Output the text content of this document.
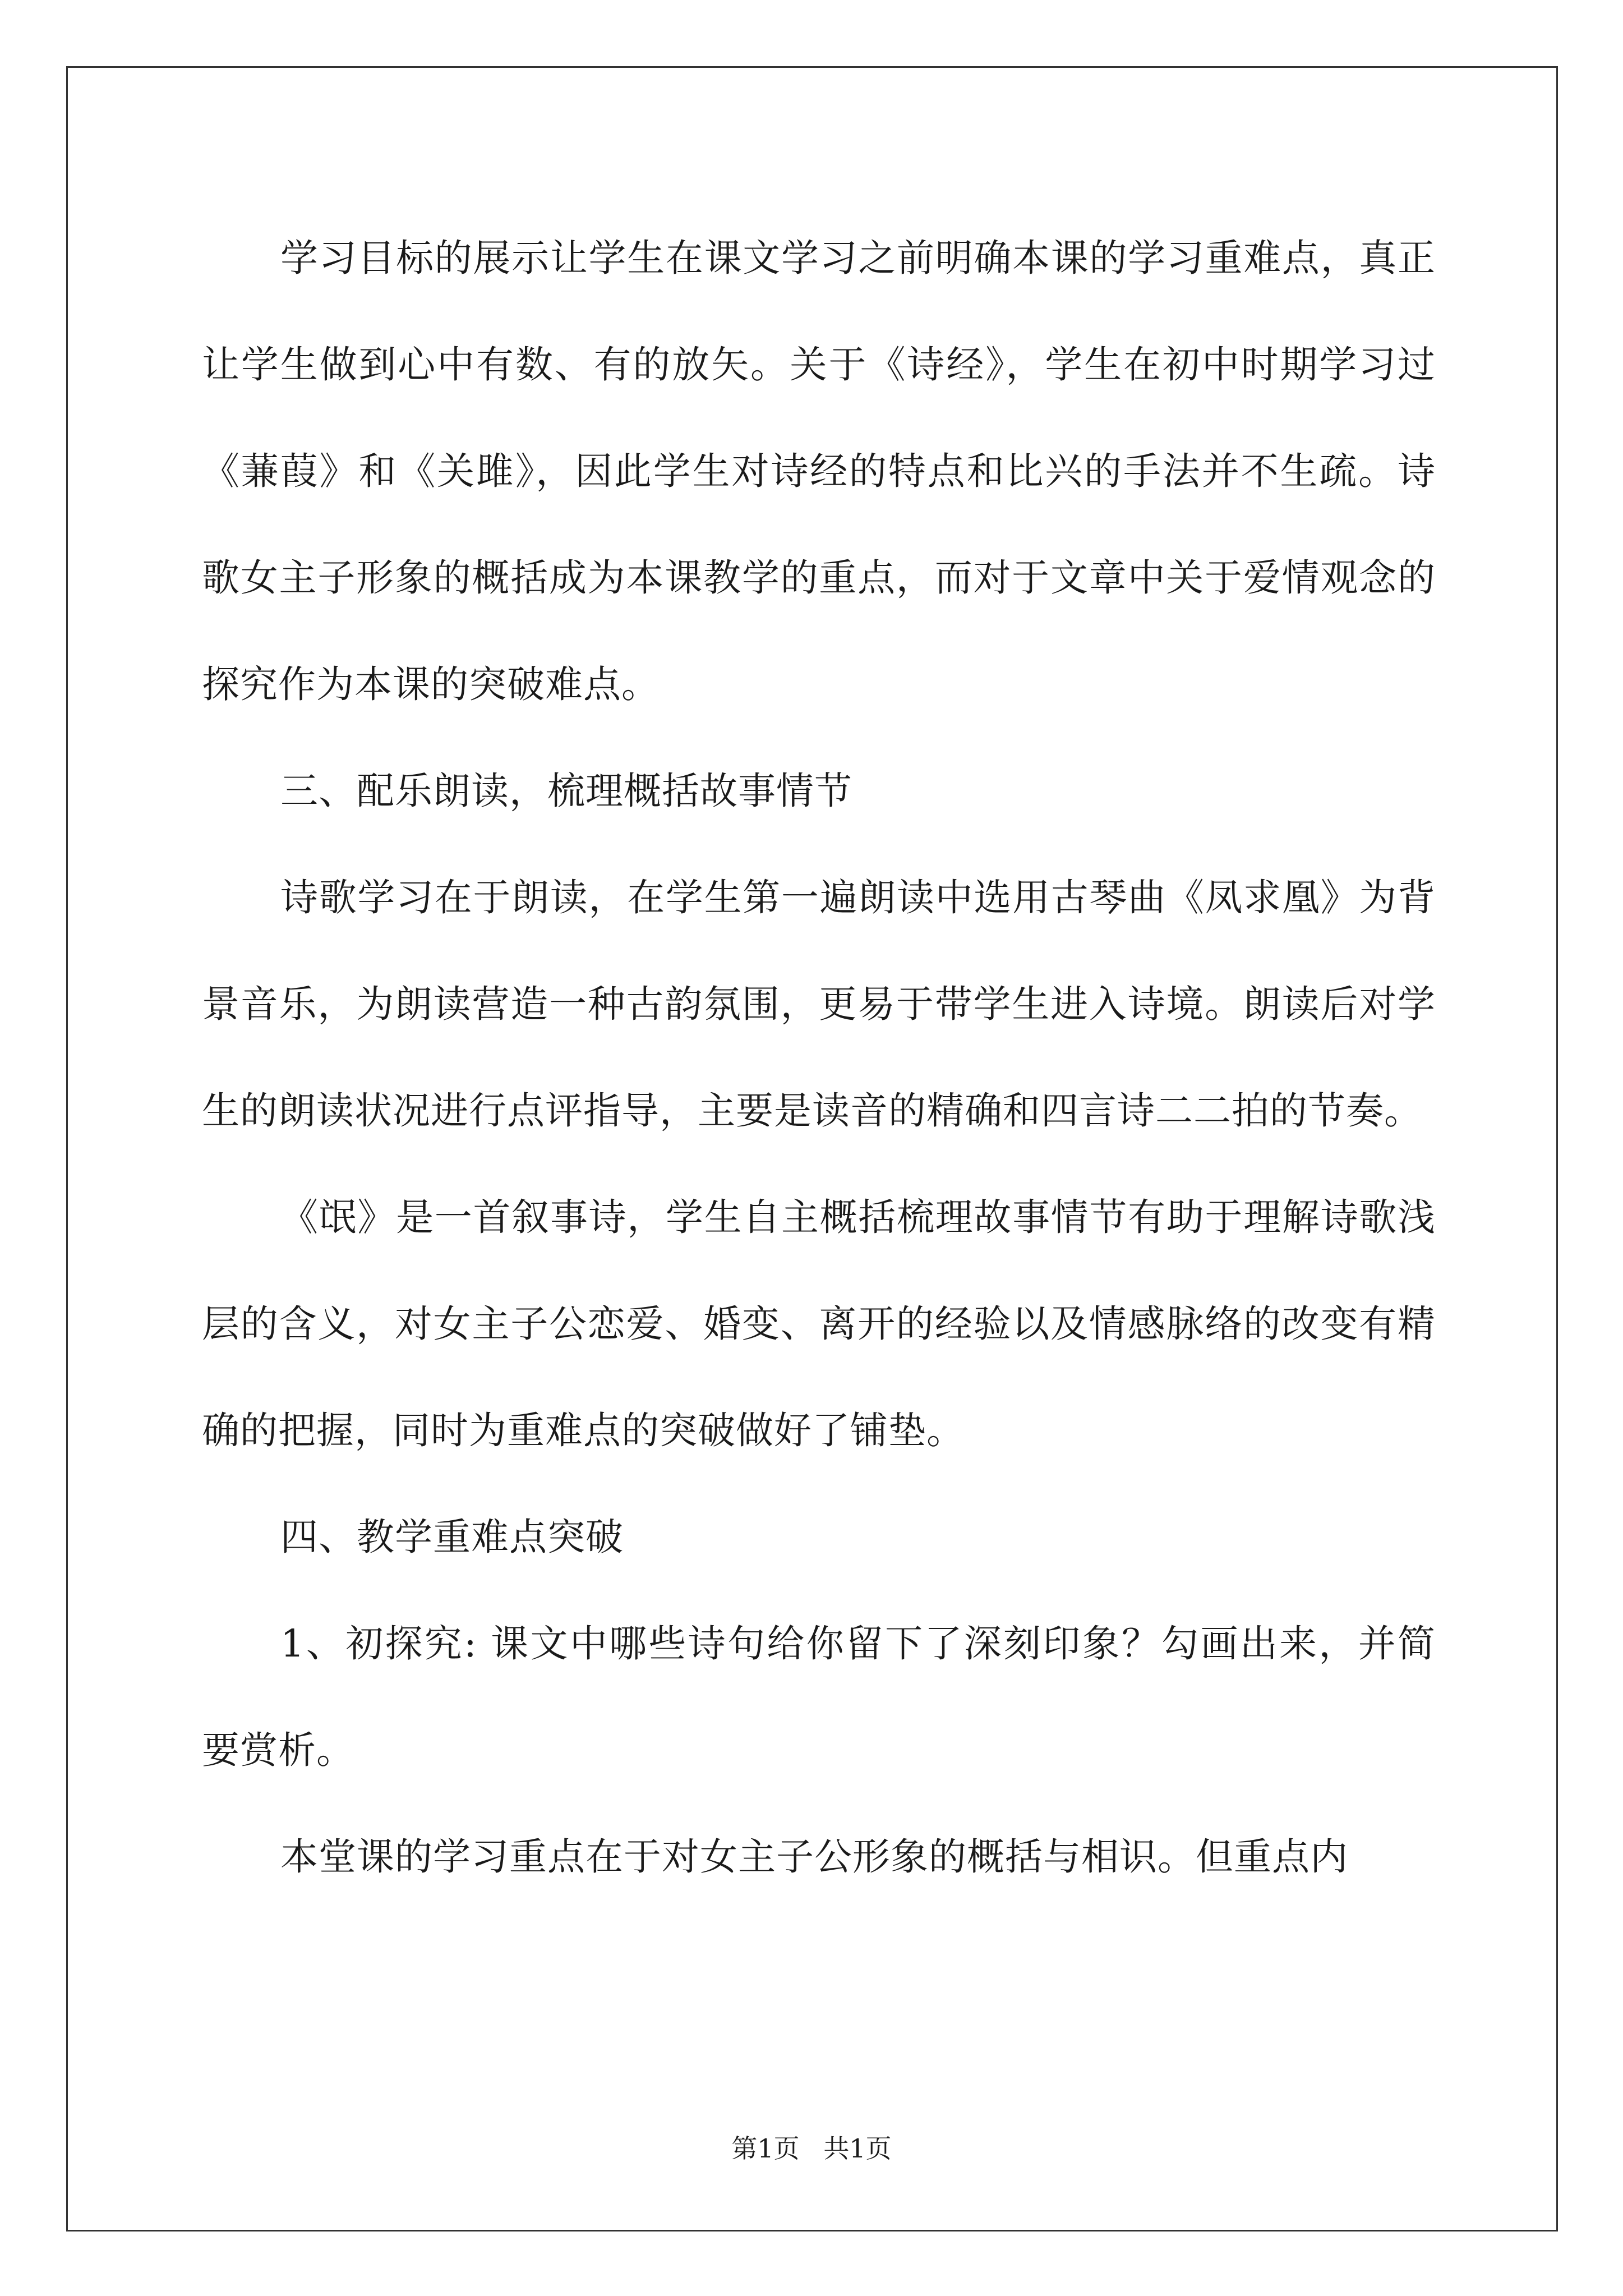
学习目标的展示让学生在课文学习之前明确本课的学习重难点，真正让学生做到心中有数、有的放矢。关于《诗经》，学生在初中时期学习过《蒹葭》和《关雎》，因此学生对诗经的特点和比兴的手法并不生疏。诗歌女主子形象的概括成为本课教学的重点，而对于文章中关于爱情观念的探究作为本课的突破难点。

三、配乐朗读，梳理概括故事情节

诗歌学习在于朗读，在学生第一遍朗读中选用古琴曲《凤求凰》为背景音乐，为朗读营造一种古韵氛围，更易于带学生进入诗境。朗读后对学生的朗读状况进行点评指导，主要是读音的精确和四言诗二二拍的节奏。

《氓》是一首叙事诗，学生自主概括梳理故事情节有助于理解诗歌浅层的含义，对女主子公恋爱、婚变、离开的经验以及情感脉络的改变有精确的把握，同时为重难点的突破做好了铺垫。

四、教学重难点突破

1、初探究: 课文中哪些诗句给你留下了深刻印象？勾画出来，并简要赏析。

本堂课的学习重点在于对女主子公形象的概括与相识。但重点内

第1页 共1页
